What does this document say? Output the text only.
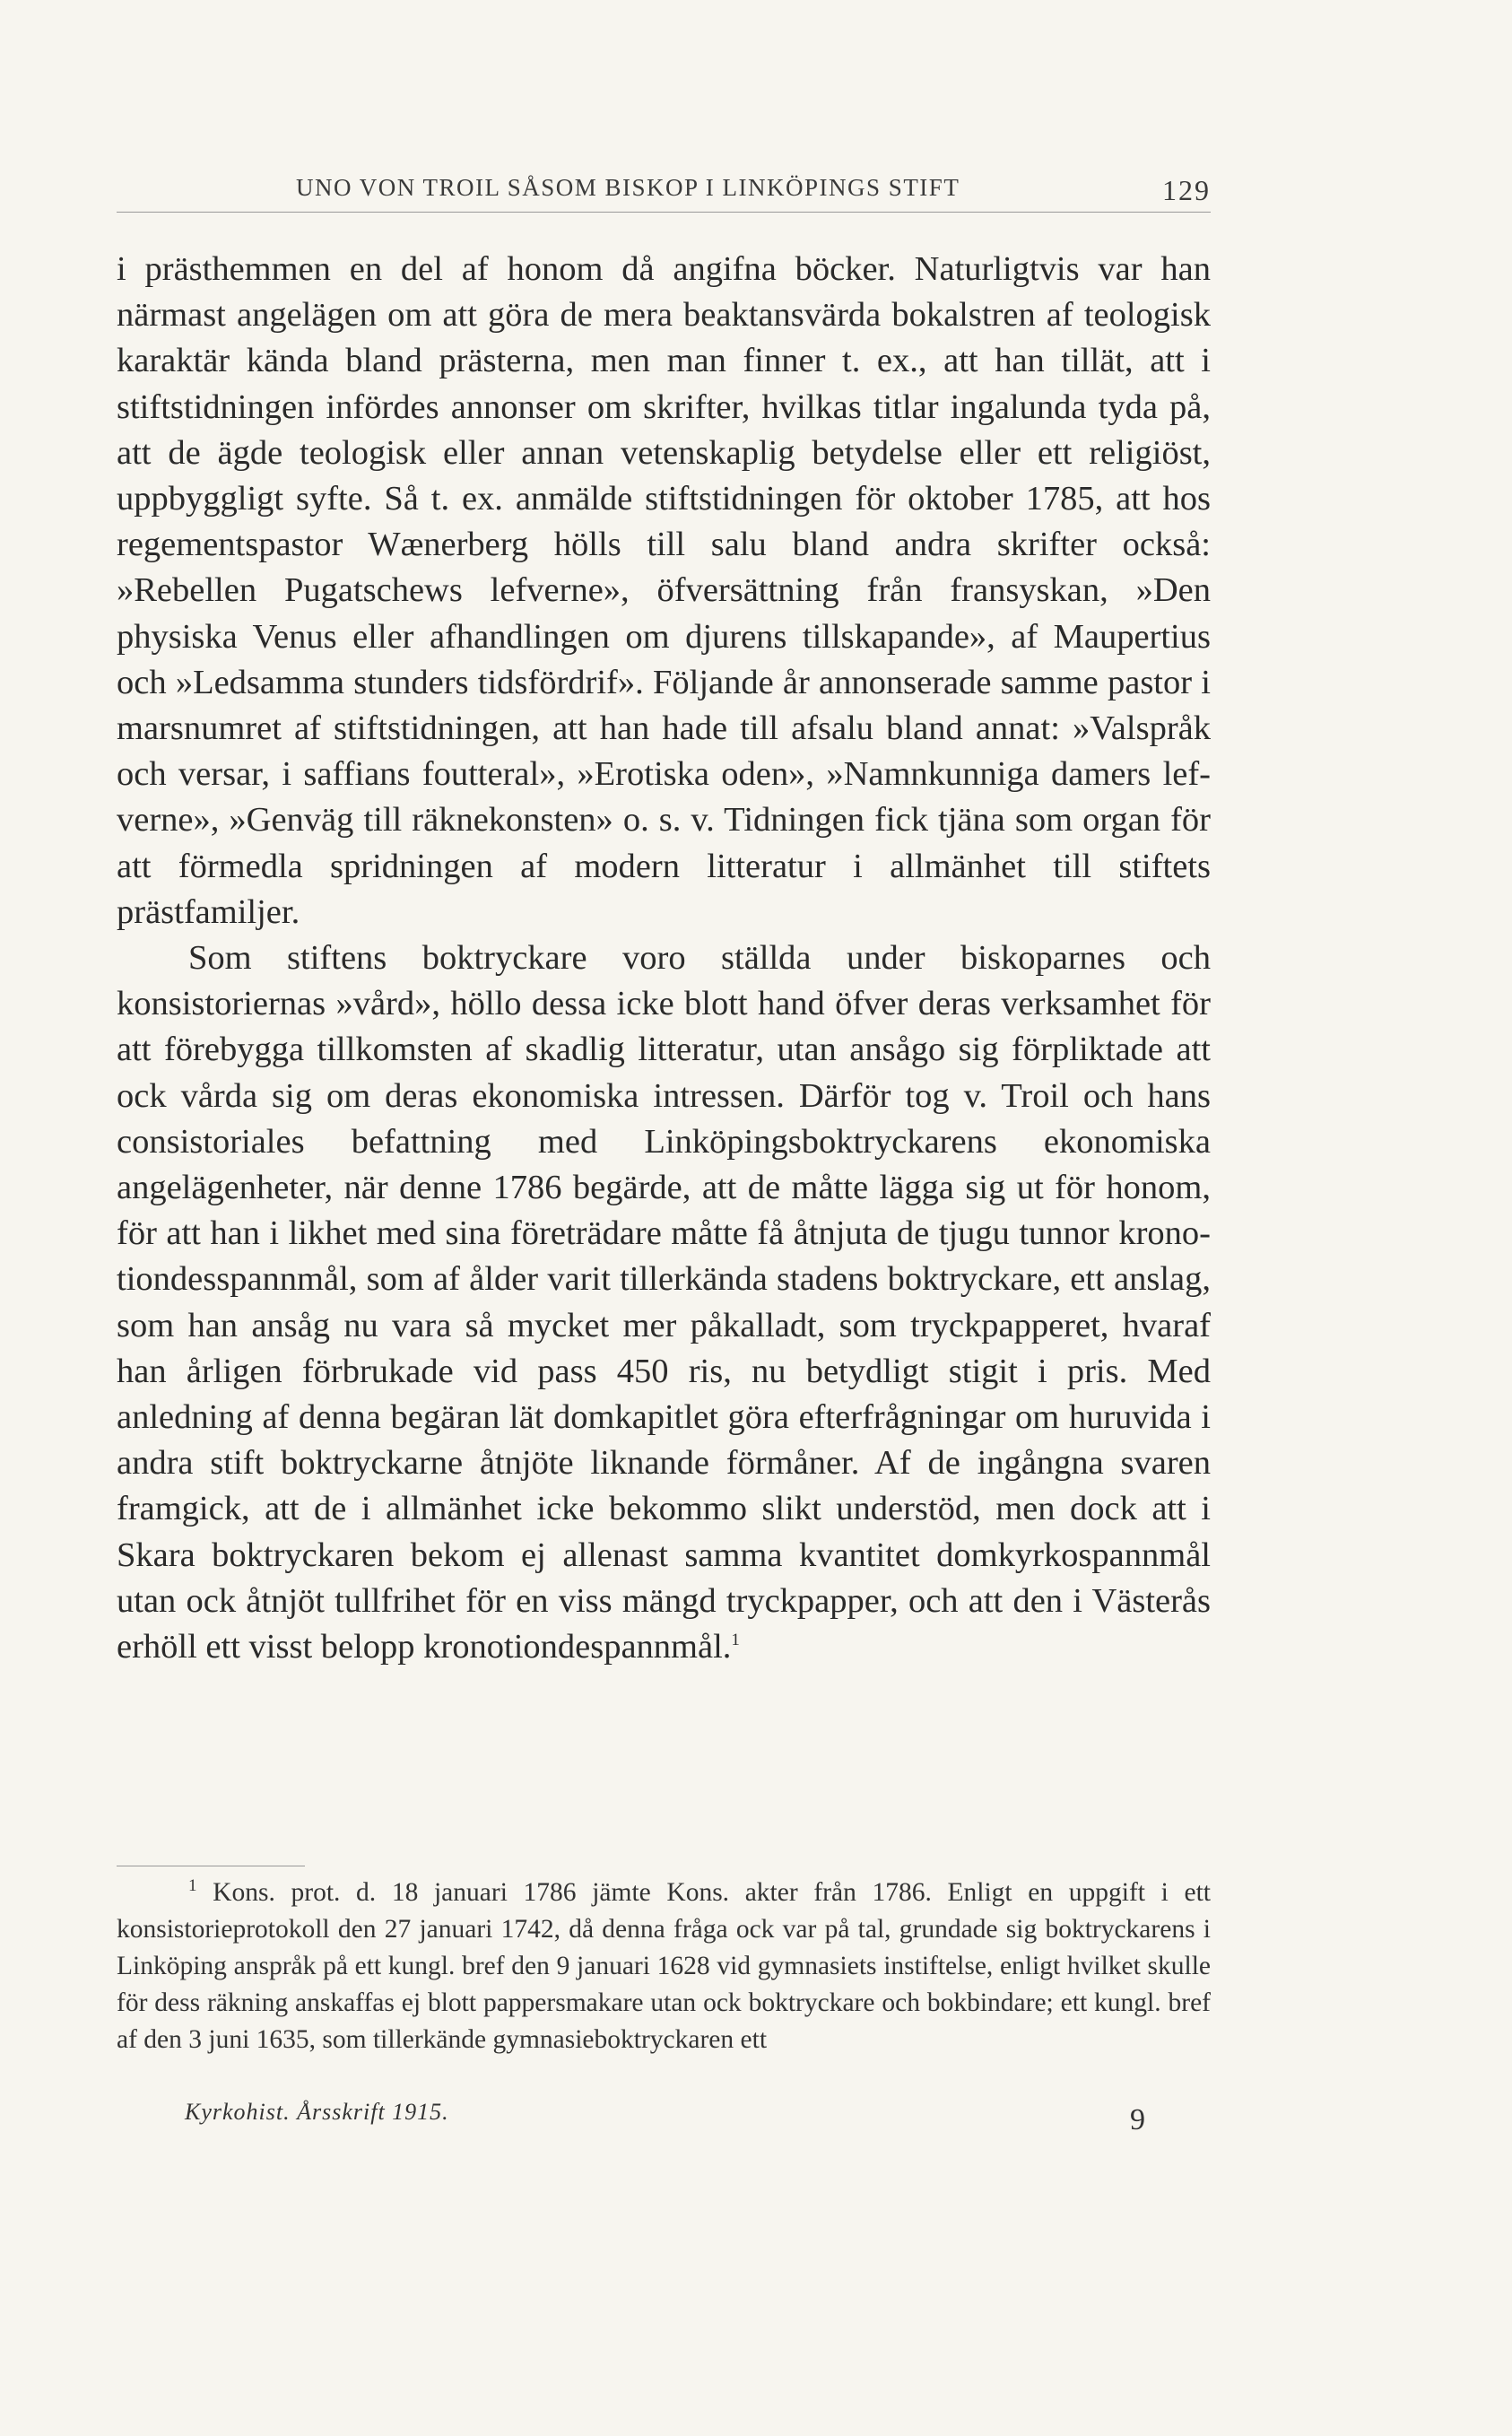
UNO VON TROIL SÅSOM BISKOP I LINKÖPINGS STIFT	129

i prästhemmen en del af honom då angifna böcker. Naturligtvis var han närmast angelägen om att göra de mera beaktansvärda bokalstren af teologisk karaktär kända bland prästerna, men man finner t. ex., att han tillät, att i stiftstidningen infördes annonser om skrifter, hvilkas titlar ingalunda tyda på, att de ägde teologisk eller annan vetenskaplig betydelse eller ett religiöst, uppbyggligt syfte. Så t. ex. anmälde stiftstidningen för oktober 1785, att hos regementspastor Wænerberg hölls till salu bland andra skrifter också: »Rebellen Pugatschews lefverne», öfversättning från fransyskan, »Den physiska Venus eller afhandlingen om djurens tillskapande», af Maupertius och »Ledsamma stunders tidsfördrif». Följande år annonserade samme pastor i marsnumret af stiftstidningen, att han hade till afsalu bland annat: »Valspråk och versar, i saffians foutteral», »Erotiska oden», »Namnkunniga damers lefverne», »Genväg till räknekonsten» o. s. v. Tidningen fick tjäna som organ för att förmedla spridningen af modern litteratur i allmänhet till stiftets prästfamiljer.

Som stiftens boktryckare voro ställda under biskoparnes och konsistoriernas »vård», höllo dessa icke blott hand öfver deras verksamhet för att förebygga tillkomsten af skadlig litteratur, utan ansågo sig förpliktade att ock vårda sig om deras ekonomiska intressen. Därför tog v. Troil och hans consistoriales befattning med Linköpingsboktryckarens ekonomiska angelägenheter, när denne 1786 begärde, att de måtte lägga sig ut för honom, för att han i likhet med sina företrädare måtte få åtnjuta de tjugu tunnor kronotiondesspannmål, som af ålder varit tillerkända stadens boktryckare, ett anslag, som han ansåg nu vara så mycket mer påkalladt, som tryckpapperet, hvaraf han årligen förbrukade vid pass 450 ris, nu betydligt stigit i pris. Med anledning af denna begäran lät domkapitlet göra efterfrågningar om huruvida i andra stift boktryckarne åtnjöte liknande förmåner. Af de ingångna svaren framgick, att de i allmänhet icke bekommo slikt understöd, men dock att i Skara boktryckaren bekom ej allenast samma kvantitet domkyrkospannmål utan ock åtnjöt tullfrihet för en viss mängd tryckpapper, och att den i Västerås erhöll ett visst belopp kronotiondespannmål.$^1$

$^1$ Kons. prot. d. 18 januari 1786 jämte Kons. akter från 1786. Enligt en uppgift i ett konsistorieprotokoll den 27 januari 1742, då denna fråga ock var på tal, grundade sig boktryckarens i Linköping anspråk på ett kungl. bref den 9 januari 1628 vid gymnasiets instiftelse, enligt hvilket skulle för dess räkning anskaffas ej blott pappersmakare utan ock boktryckare och bokbindare; ett kungl. bref af den 3 juni 1635, som tillerkände gymnasieboktryckaren ett

Kyrkohist. Årsskrift 1915.	9
